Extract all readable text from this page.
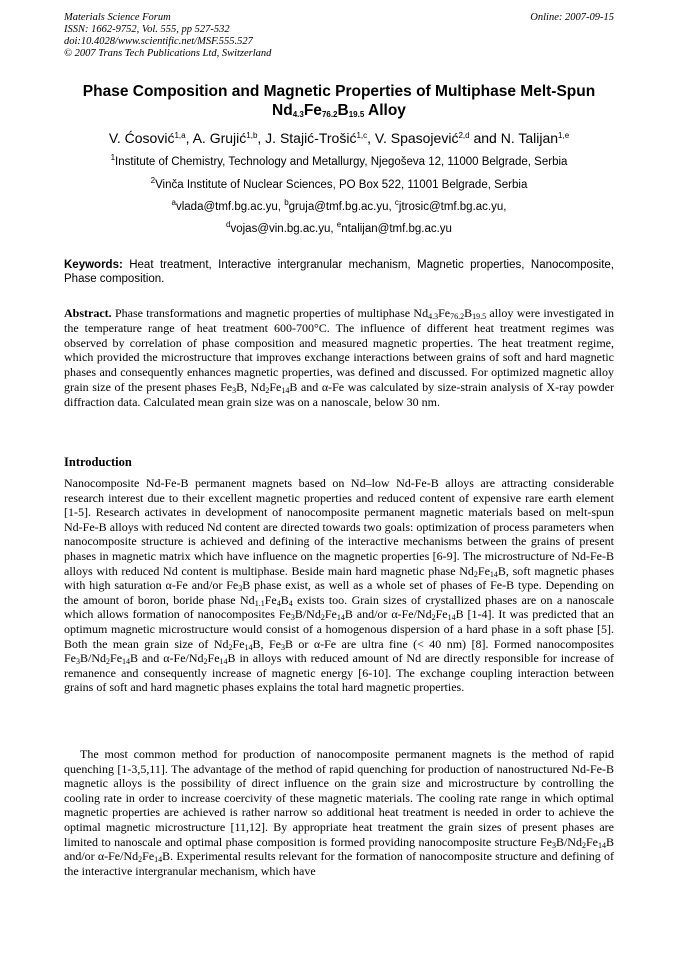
Materials Science Forum
ISSN: 1662-9752, Vol. 555, pp 527-532
doi:10.4028/www.scientific.net/MSF.555.527
© 2007 Trans Tech Publications Ltd, Switzerland
Online: 2007-09-15
Phase Composition and Magnetic Properties of Multiphase Melt-Spun
$Nd_{4.3}Fe_{76.2}B_{19.5}$ Alloy
V. Ćosović$^{1,a}$, A. Grujić$^{1,b}$, J. Stajić-Trošić$^{1,c}$, V. Spasojević$^{2,d}$ and N. Talijan$^{1,e}$
$^1$Institute of Chemistry, Technology and Metallurgy, Njegoševa 12, 11000 Belgrade, Serbia
$^2$Vinča Institute of Nuclear Sciences, PO Box 522, 11001 Belgrade, Serbia
$^a$vlada@tmf.bg.ac.yu, $^b$gruja@tmf.bg.ac.yu, $^c$jtrosic@tmf.bg.ac.yu,
$^d$vojas@vin.bg.ac.yu, $^e$ntalijan@tmf.bg.ac.yu
Keywords: Heat treatment, Interactive intergranular mechanism, Magnetic properties, Nanocomposite, Phase composition.
Abstract. Phase transformations and magnetic properties of multiphase $Nd_{4.3}Fe_{76.2}B_{19.5}$ alloy were investigated in the temperature range of heat treatment 600-700°C. The influence of different heat treatment regimes was observed by correlation of phase composition and measured magnetic properties. The heat treatment regime, which provided the microstructure that improves exchange interactions between grains of soft and hard magnetic phases and consequently enhances magnetic properties, was defined and discussed. For optimized magnetic alloy grain size of the present phases $Fe_3B$, $Nd_2Fe_{14}B$ and α-Fe was calculated by size-strain analysis of X-ray powder diffraction data. Calculated mean grain size was on a nanoscale, below 30 nm.
Introduction

Nanocomposite Nd-Fe-B permanent magnets based on Nd–low Nd-Fe-B alloys are attracting considerable research interest due to their excellent magnetic properties and reduced content of expensive rare earth element [1-5]. Research activates in development of nanocomposite permanent magnetic materials based on melt-spun Nd-Fe-B alloys with reduced Nd content are directed towards two goals: optimization of process parameters when nanocomposite structure is achieved and defining of the interactive mechanisms between the grains of present phases in magnetic matrix which have influence on the magnetic properties [6-9]. The microstructure of Nd-Fe-B alloys with reduced Nd content is multiphase. Beside main hard magnetic phase $Nd_2Fe_{14}B$, soft magnetic phases with high saturation α-Fe and/or $Fe_3B$ phase exist, as well as a whole set of phases of Fe-B type. Depending on the amount of boron, boride phase $Nd_{1.1}Fe_4B_4$ exists too. Grain sizes of crystallized phases are on a nanoscale which allows formation of nanocomposites $Fe_3B/Nd_2Fe_{14}B$ and/or $\alpha-Fe/Nd_2Fe_{14}B$ [1-4]. It was predicted that an optimum magnetic microstructure would consist of a homogenous dispersion of a hard phase in a soft phase [5]. Both the mean grain size of $Nd_2Fe_{14}B$, $Fe_3B$ or α-Fe are ultra fine (< 40 nm) [8]. Formed nanocomposites $Fe_3B/Nd_2Fe_{14}B$ and $\alpha-Fe/Nd_2Fe_{14}B$ in alloys with reduced amount of Nd are directly responsible for increase of remanence and consequently increase of magnetic energy [6-10]. The exchange coupling interaction between grains of soft and hard magnetic phases explains the total hard magnetic properties.

The most common method for production of nanocomposite permanent magnets is the method of rapid quenching [1-3,5,11]. The advantage of the method of rapid quenching for production of nanostructured Nd-Fe-B magnetic alloys is the possibility of direct influence on the grain size and microstructure by controlling the cooling rate in order to increase coercivity of these magnetic materials. The cooling rate range in which optimal magnetic properties are achieved is rather narrow so additional heat treatment is needed in order to achieve the optimal magnetic microstructure [11,12]. By appropriate heat treatment the grain sizes of present phases are limited to nanoscale and optimal phase composition is formed providing nanocomposite structure $Fe_3B/Nd_2Fe_{14}B$ and/or $\alpha-Fe/Nd_2Fe_{14}B$. Experimental results relevant for the formation of nanocomposite structure and defining of the interactive intergranular mechanism, which have
